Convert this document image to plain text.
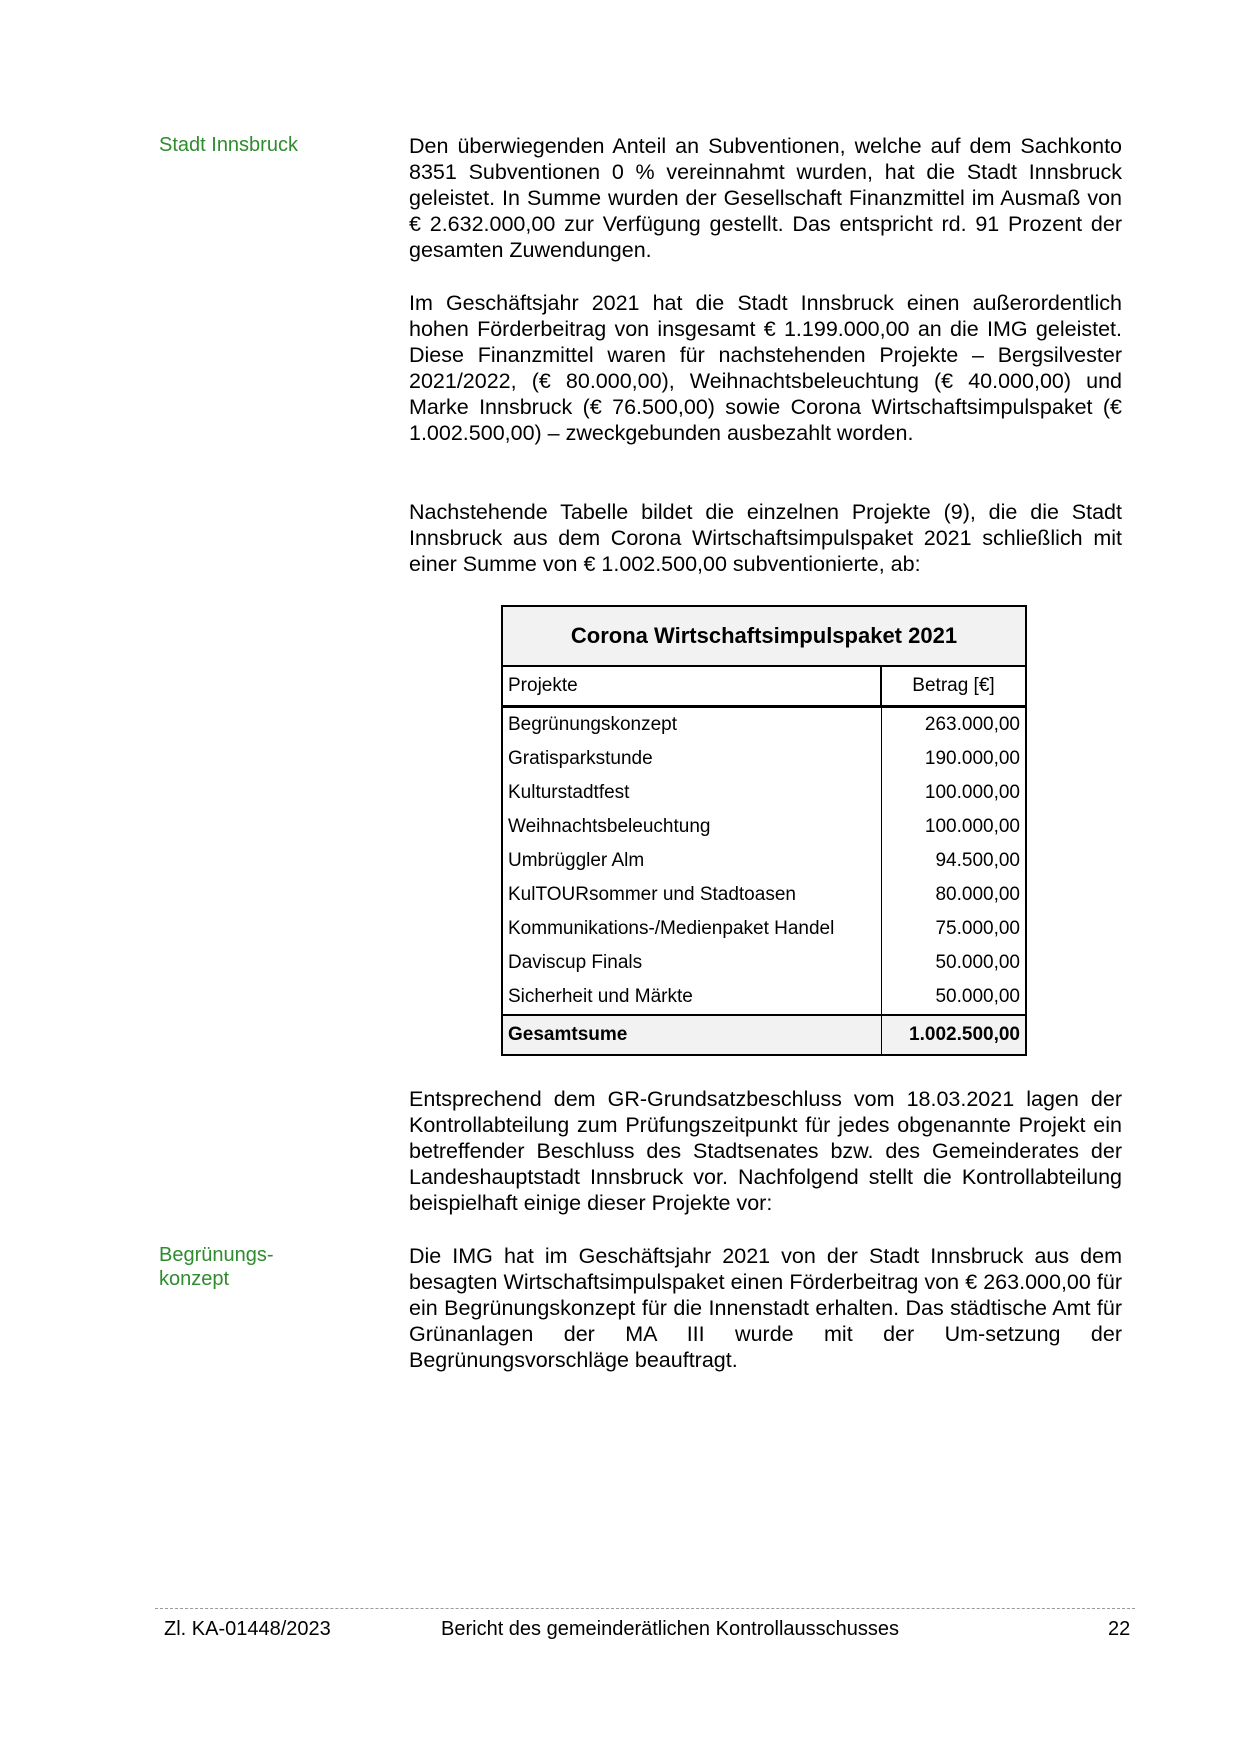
Stadt Innsbruck	Den überwiegenden Anteil an Subventionen, welche auf dem Sachkonto 8351 Subventionen 0 % vereinnahmt wurden, hat die Stadt Innsbruck geleistet. In Summe wurden der Gesellschaft Finanzmittel im Ausmaß von € 2.632.000,00 zur Verfügung gestellt. Das entspricht rd. 91 Prozent der gesamten Zuwendungen.
Im Geschäftsjahr 2021 hat die Stadt Innsbruck einen außerordentlich hohen Förderbeitrag von insgesamt € 1.199.000,00 an die IMG geleistet. Diese Finanzmittel waren für nachstehenden Projekte – Bergsilvester 2021/2022, (€ 80.000,00), Weihnachtsbeleuchtung (€ 40.000,00) und Marke Innsbruck (€ 76.500,00) sowie Corona Wirtschaftsimpulspaket (€ 1.002.500,00) – zweckgebunden ausbezahlt worden.
Nachstehende Tabelle bildet die einzelnen Projekte (9), die die Stadt Innsbruck aus dem Corona Wirtschaftsimpulspaket 2021 schließlich mit einer Summe von € 1.002.500,00 subventionierte, ab:
Corona Wirtschaftsimpulspaket 2021	
Projekte	Betrag [€]
Begrünungskonzept	263.000,00
Gratisparkstunde	190.000,00
Kulturstadtfest	100.000,00
Weihnachtsbeleuchtung	100.000,00
Umbrüggler Alm	94.500,00
KulTOURsommer und Stadtoasen	80.000,00
Kommunikations-/Medienpaket Handel	75.000,00
Daviscup Finals	50.000,00
Sicherheit und Märkte	50.000,00
Gesamtsume	1.002.500,00
Entsprechend dem GR-Grundsatzbeschluss vom 18.03.2021 lagen der Kontrollabteilung zum Prüfungszeitpunkt für jedes obgenannte Projekt ein betreffender Beschluss des Stadtsenates bzw. des Gemeinderates der Landeshauptstadt Innsbruck vor. Nachfolgend stellt die Kontrollabteilung beispielhaft einige dieser Projekte vor:
Begrünungs-
konzept
Die IMG hat im Geschäftsjahr 2021 von der Stadt Innsbruck aus dem besagten Wirtschaftsimpulspaket einen Förderbeitrag von € 263.000,00 für ein Begrünungskonzept für die Innenstadt erhalten. Das städtische Amt für Grünanlagen der MA III wurde mit der Um-setzung der Begrünungsvorschläge beauftragt.
Zl. KA-01448/2023	Bericht des gemeinderätlichen Kontrollausschusses	22
